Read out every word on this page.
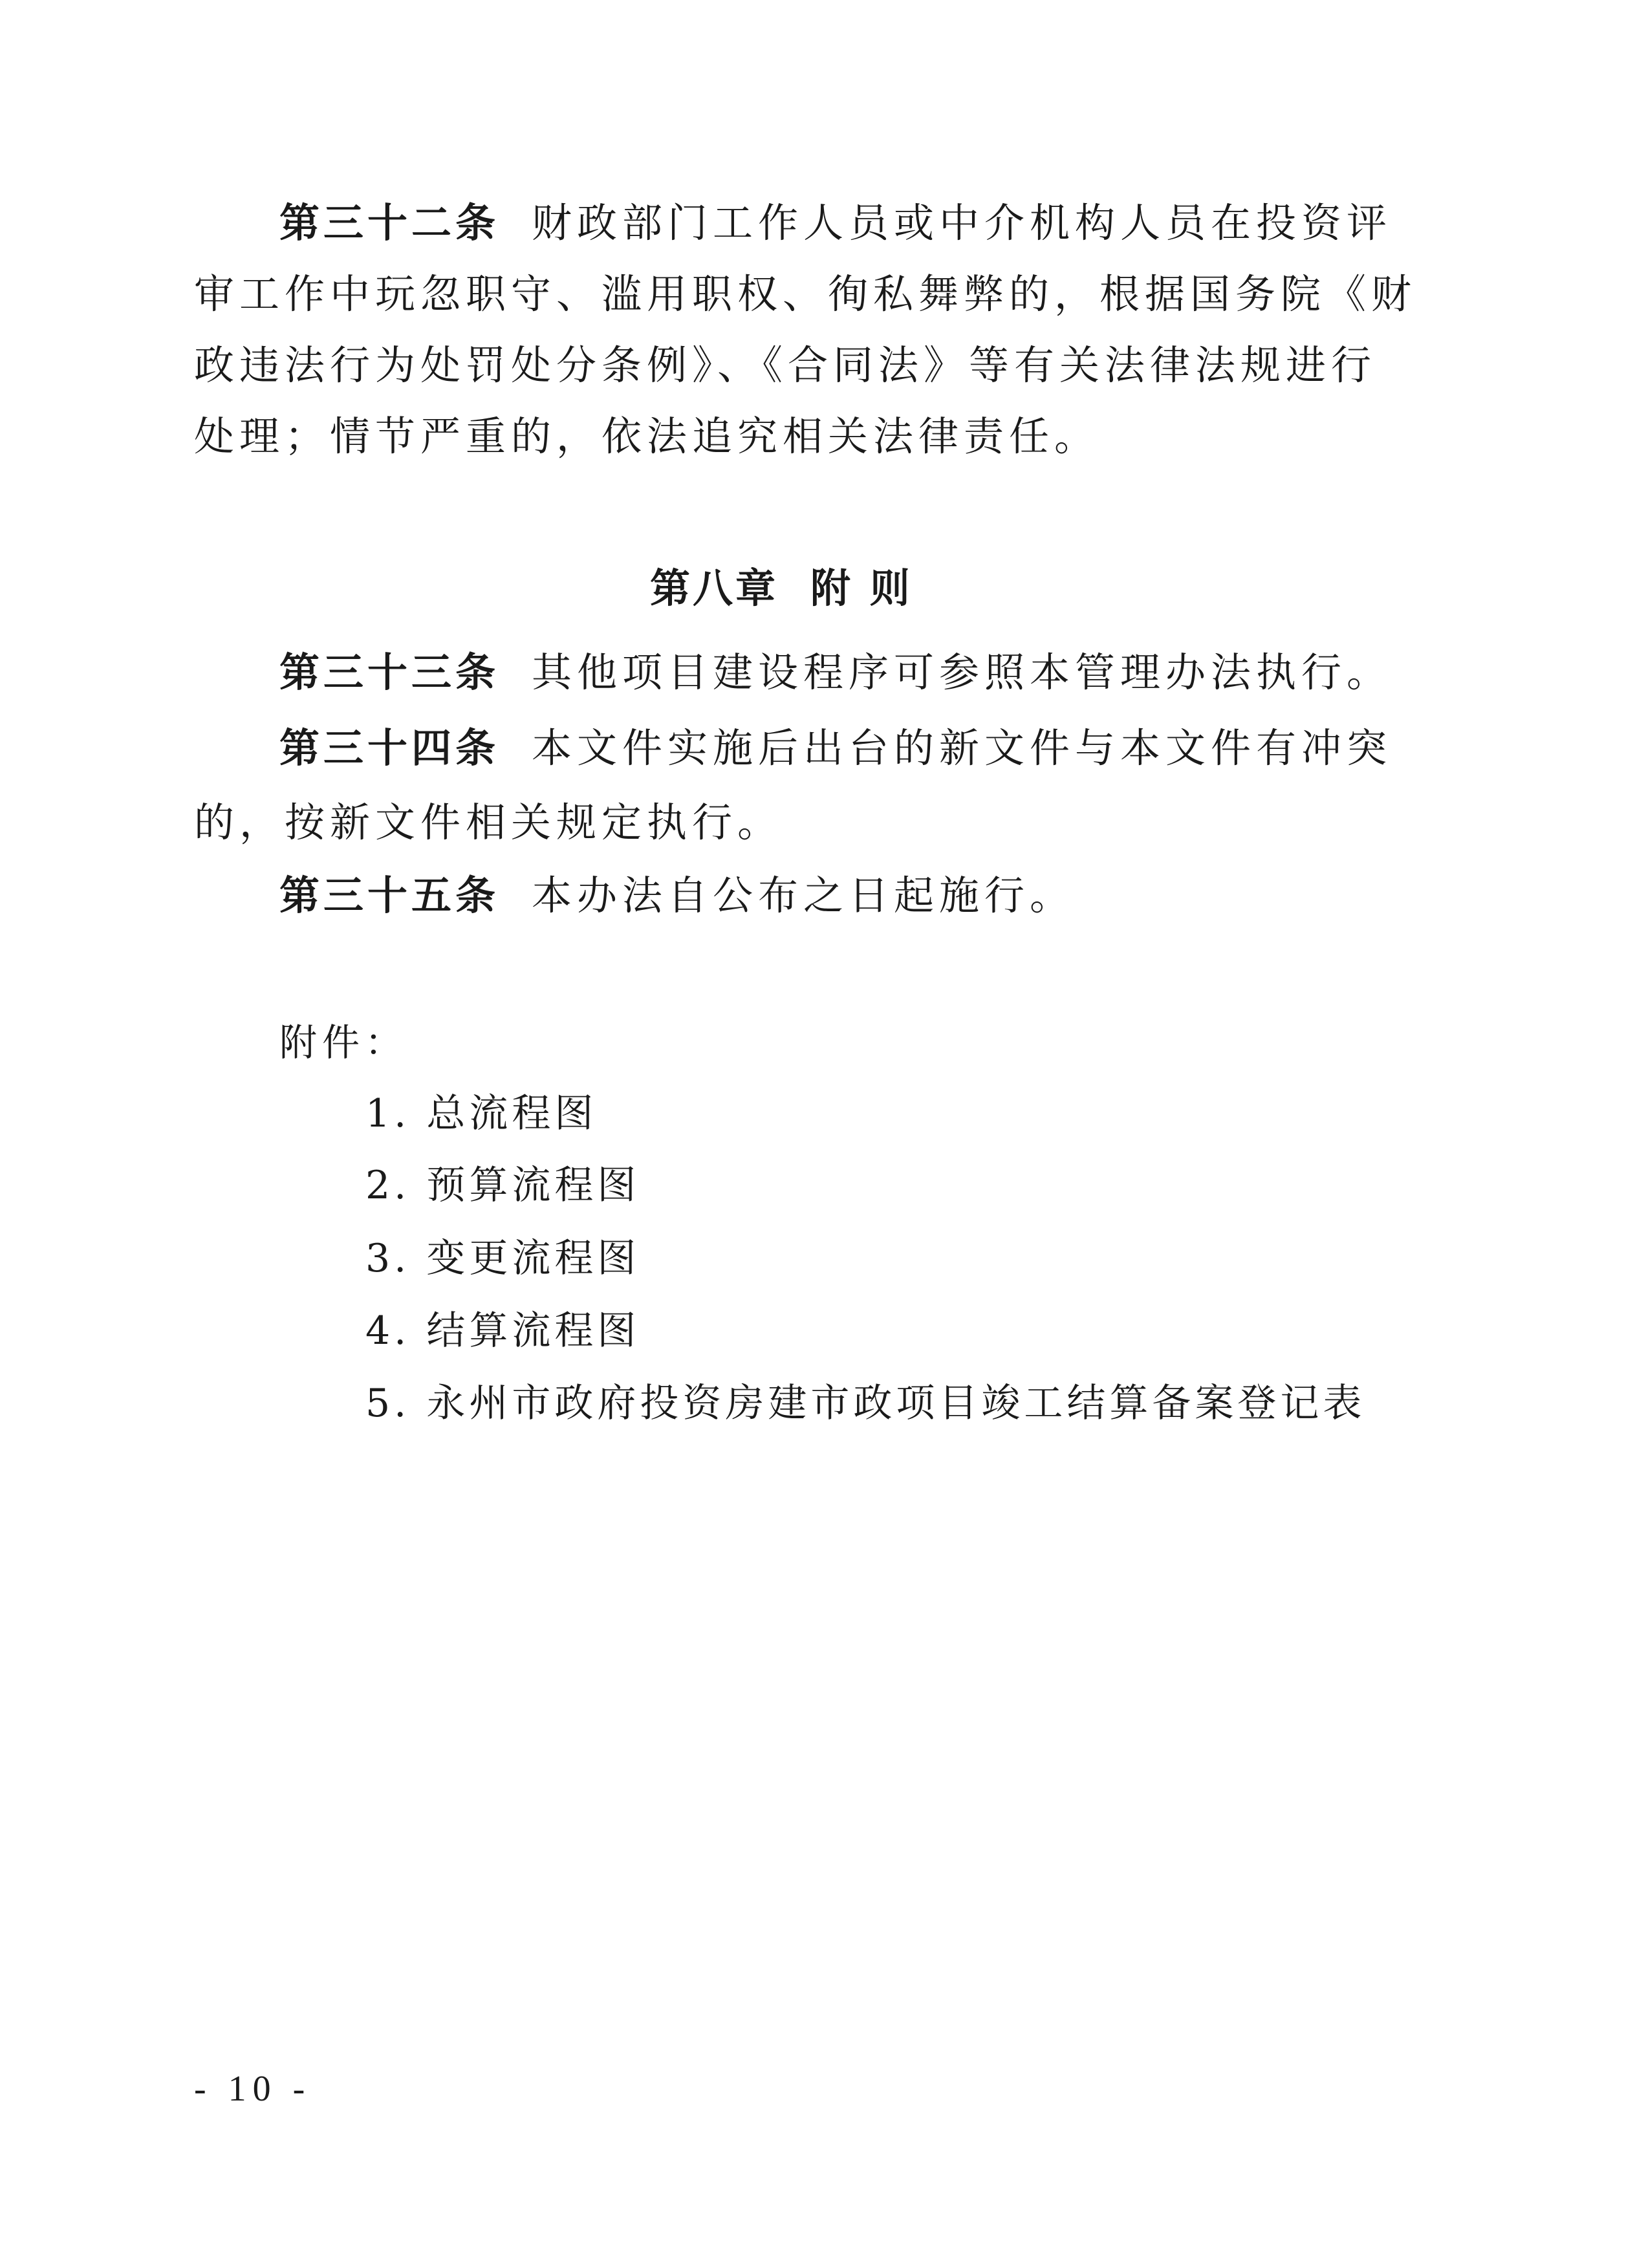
第三十二条 财政部门工作人员或中介机构人员在投资评
审工作中玩忽职守、滥用职权、徇私舞弊的，根据国务院《财
政违法行为处罚处分条例》、《合同法》等有关法律法规进行
处理；情节严重的，依法追究相关法律责任。
第八章 附 则
第三十三条 其他项目建设程序可参照本管理办法执行。
第三十四条 本文件实施后出台的新文件与本文件有冲突
的，按新文件相关规定执行。
第三十五条 本办法自公布之日起施行。
附件：
1. 总流程图
2. 预算流程图
3. 变更流程图
4. 结算流程图
5. 永州市政府投资房建市政项目竣工结算备案登记表
- 10 -
